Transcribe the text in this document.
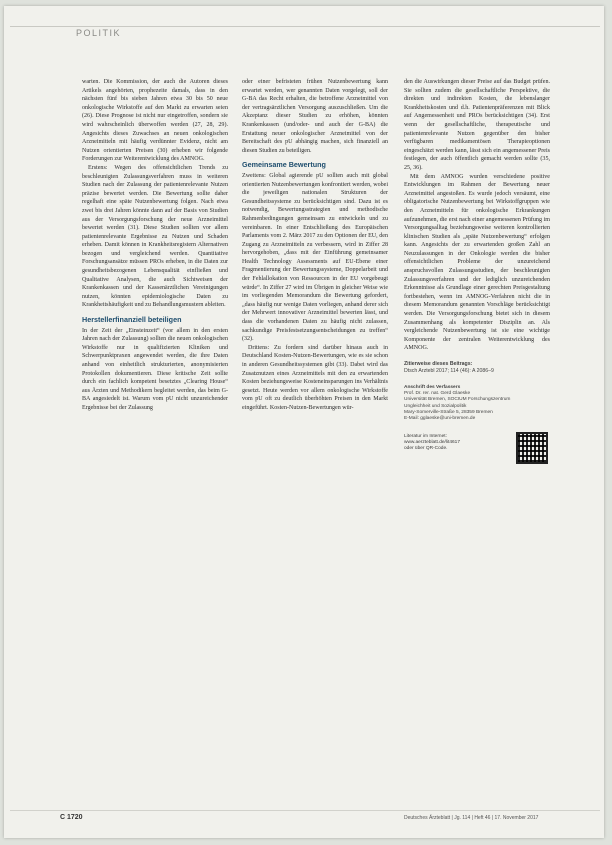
POLITIK

warten. Die Kommission, der auch die Autoren dieses Artikels angehörten, prophezeite damals, dass in den nächsten fünf bis sieben Jahren etwa 30 bis 50 neue onkologische Wirkstoffe auf den Markt zu erwarten seien (26). Diese Prognose ist nicht nur eingetroffen, sondern sie wird wahrscheinlich überwoffen werden (27, 28, 29). Angesichts dieses Zuwachses an neuen onkologischen Arzneimitteln mit häufig verdünnter Evidenz, nicht am Nutzen orientierten Preisen (30) erheben wir folgende Forderungen zur Weiterentwicklung des AMNOG.

Erstens: Wegen des offensichtlichen Trends zu beschleunigten Zulassungsverfahren muss in weiteren Studien nach der Zulassung der patientenrelevante Nutzen präzise bewertet werden. Die Bewertung sollte daher regelhaft eine späte Nutzenbewertung folgen. Nach etwa zwei bis drei Jahren könnte dann auf der Basis von Studien aus der Versorgungsforschung der neue Arzneimittel bewertet werden (31). Diese Studien sollten vor allem patientenrelevante Ergebnisse zu Nutzen und Schaden erheben. Damit können in Krankheitsregistern Alternativen bezogen und vergleichend werden. Quantitative Forschungsansätze müssen PROs erheben, in die Daten zur gesundheitsbezogenen Lebensqualität einfließen und Qualitative Analysen, die auch Sichtweisen der Krankenkassen und der Kassenärztlichen Vereinigungen nutzen, könnten epidemiologische Daten zu Krankheitshäufigkeit und zu Behandlungsmustern ableiten.

Herstellerfinanziell beteiligen

In der Zeit der „Einsteinzeit“ (vor allem in den ersten Jahren nach der Zulassung) sollten die neuen onkologischen Wirkstoffe nur in qualifizierten Kliniken und Schwerpunktpraxen angewendet werden, die ihre Daten anhand von einheitlich strukturierten, anonymisierten Protokollen dokumentieren. Diese kritische Zeit sollte durch ein fachlich kompetent besetztes „Clearing House“ aus Ärzten und Methodikern begleitet werden, das beim G-BA angesiedelt ist. Warum vom pU nicht unzureichender Ergebnisse bei der Zulassung

oder einer befristeten frühen Nutzenbewertung kann erwartet werden, wer genannten Daten vorgelegt, soll der G-BA das Recht erhalten, die betroffene Arzneimittel von der vertragsärztlichen Versorgung auszuschließen. Um die Akzeptanz dieser Studien zu erhöhen, könnten Krankenkassen (und/oder- und auch der G-BA) die Erstattung neuer onkologischer Arzneimittel von der Bereitschaft des pU abhängig machen, sich finanziell an diesen Studien zu beteiligen.

Gemeinsame Bewertung

Zweitens: Global agierende pU sollten auch mit global orientierten Nutzenbewertungen konfrontiert werden, wobei die jeweiligen nationalen Strukturen der Gesundheitssysteme zu berücksichtigen sind. Dazu ist es notwendig, Bewertungsstrategien und methodische Rahmenbedingungen gemeinsam zu entwickeln und zu vereinbaren. In einer Entschließung des Europäischen Parlaments vom 2. März 2017 zu den Optionen der EU, den Zugang zu Arzneimitteln zu verbessern, wird in Ziffer 28 hervorgehoben, „dass mit der Einführung gemeinsamer Health Technology Assessments auf EU-Ebene einer Fragmentierung der Bewertungssysteme, Doppelarbeit und der Fehlallokation von Ressourcen in der EU vorgebeugt würde“. In Ziffer 27 wird im Übrigen in gleicher Weise wie im vorliegenden Memorandum die Bewertung gefordert, „dass häufig nur wenige Daten vorliegen, anhand derer sich der Mehrwert innovativer Arzneimittel bewerten lässt, und dass die vorhandenen Daten zu häufig nicht zulassen, sachkundige Preisfestsetzungsentscheidungen zu treffen“ (32).

Drittens: Zu fordern sind darüber hinaus auch in Deutschland Kosten-Nutzen-Bewertungen, wie es sie schon in anderen Gesundheitssystemen gibt (33). Dabei wird das Zusatznutzen eines Arzneimittels mit den zu erwartenden Kosten beziehungsweise Kosteneinsparungen ins Verhältnis gesetzt. Heute werden vor allem onkologische Wirkstoffe vom pU oft zu deutlich überhöhten Preisen in den Markt eingeführt. Kosten-Nutzen-Bewertungen wür-

den die Auswirkungen dieser Preise auf das Budget prüfen. Sie sollten zudem die gesellschaftliche Perspektive, die direkten und indirekten Kosten, die lebenslanger Krankheitskosten und d.h. Patientenpräferenzen mit Blick auf Angemessenheit und PROs berücksichtigen (34). Erst wenn der gesellschaftliche, therapeutische und patientenrelevante Nutzen gegenüber den bisher verfügbaren medikamentösen Therapieoptionen eingeschätzt werden kann, lässt sich ein angemessener Preis festlegen, der auch öffentlich gemacht werden sollte (35, 25, 36).

Mit dem AMNOG wurden verschiedene positive Entwicklungen im Rahmen der Bewertung neuer Arzneimittel angestoßen. Es wurde jedoch versäumt, eine obligatorische Nutzenbewertung bei Wirkstoffgruppen wie den Arzneimitteln für onkologische Erkrankungen aufzunehmen, die erst nach einer angemessenen Prüfung im Versorgungsalltag beziehungsweise weiteren kontrollierten klinischen Studien als „späte Nutzenbewertung“ erfolgen kann. Angesichts der zu erwartenden großen Zahl an Neuzulassungen in der Onkologie werden die bisher offensichtlichen Probleme der unzureichend anspruchsvollen Zulassungsstudien, der beschleunigten Zulassungsverfahren und der lediglich unzureichenden Erkenntnisse als Grundlage einer gerechten Preisgestaltung fortbestehen, wenn im AMNOG-Verfahren nicht die in diesem Memorandum genannten Vorschläge berücksichtigt werden. Die Versorgungsforschung bietet sich in diesem Zusammenhang als kompetenter Disziplin an. Als vergleichende Nutzenbewertung ist sie eine wichtige Komponente der zentralen Weiterentwicklung des AMNOG.

Zitierweise dieses Beitrags:
Dtsch Arztebl 2017; 114 (46): A 2086–9
Anschrift des Verfassers
Prof. Dr. rer. nat. Gerd Glaeske
Universität Bremen, SOCIUM Forschungszentrum
Ungleichheit und Sozialpolitik
Mary-Somerville-Straße 5, 28359 Bremen
E-Mail: gglaeske@uni-bremen.de
Literatur im Internet:
www.aerzteblatt.de/lit4617
oder über QR-Code.
C 1720	Deutsches Ärzteblatt | Jg. 114 | Heft 46 | 17. November 2017
